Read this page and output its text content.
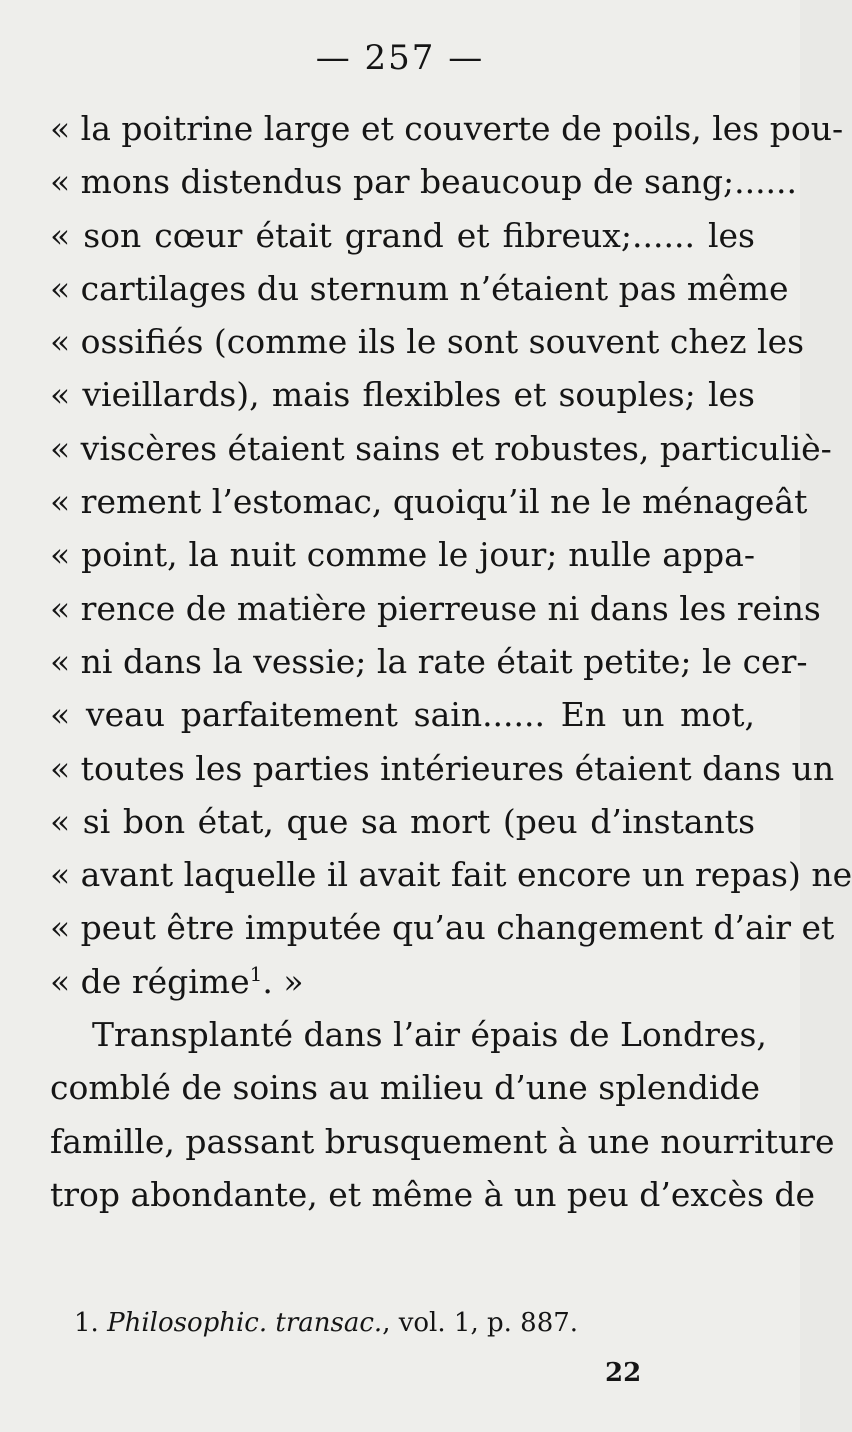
— 257 —
« la poitrine large et couverte de poils, les pou-
« mons distendus par beaucoup de sang;......
« son cœur était grand et fibreux;...... les
« cartilages du sternum n’étaient pas même
« ossifiés (comme ils le sont souvent chez les
« vieillards), mais flexibles et souples; les
« viscères étaient sains et robustes, particuliè-
« rement l’estomac, quoiqu’il ne le ménageât
« point, la nuit comme le jour; nulle appa-
« rence de matière pierreuse ni dans les reins
« ni dans la vessie; la rate était petite; le cer-
« veau parfaitement sain...... En un mot,
« toutes les parties intérieures étaient dans un
« si bon état, que sa mort (peu d’instants
« avant laquelle il avait fait encore un repas) ne
« peut être imputée qu’au changement d’air et
« de régime$^1$. »
Transplanté dans l’air épais de Londres,
comblé de soins au milieu d’une splendide
famille, passant brusquement à une nourriture
trop abondante, et même à un peu d’excès de
1. Philosophic. transac., vol. 1, p. 887.
22
